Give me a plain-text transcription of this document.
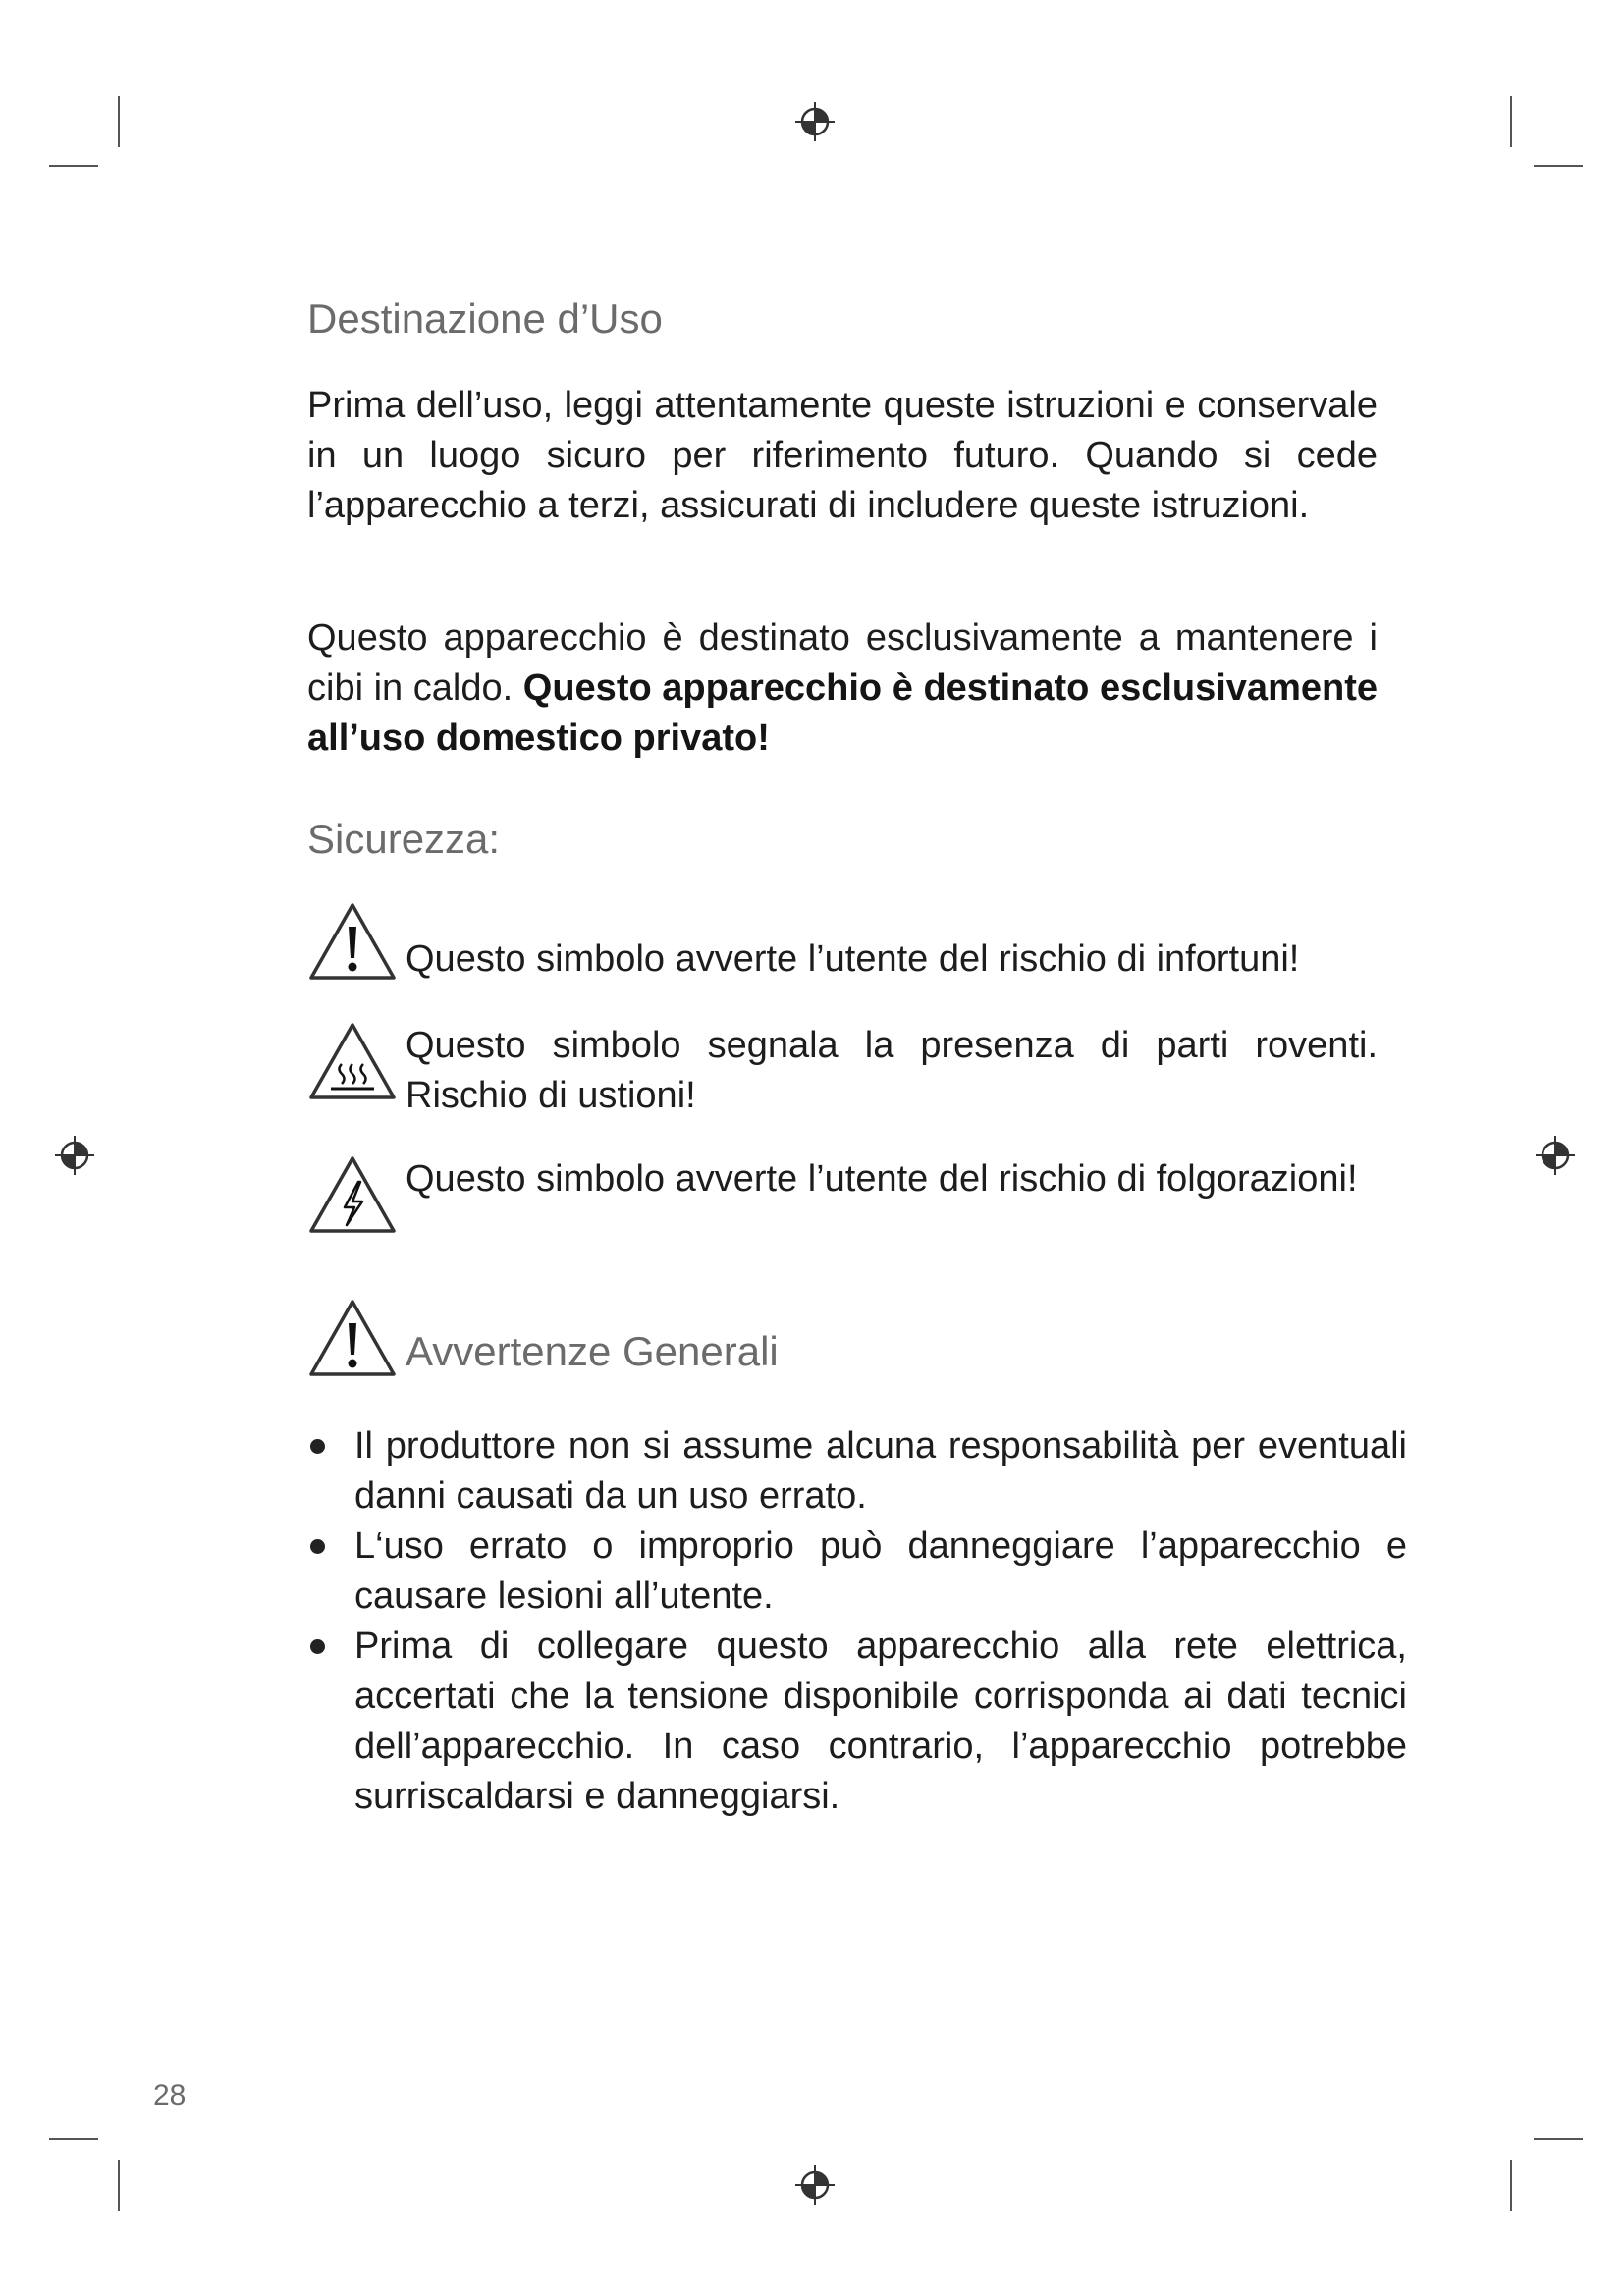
Destinazione d’Uso

Prima dell’uso, leggi attentamente queste istruzioni e conservale in un luogo sicuro per riferimento futuro. Quando si cede l’apparecchio a terzi, assicurati di includere queste istruzioni.

Questo apparecchio è destinato esclusivamente a mantenere i cibi in caldo. Questo apparecchio è destinato esclusivamente all’uso domestico privato!

Sicurezza:
Questo simbolo avverte l’utente del rischio di infortuni!
Questo simbolo segnala la presenza di parti roventi. Rischio di ustioni!
Questo simbolo avverte l’utente del rischio di folgorazioni!
Avvertenze Generali
Il produttore non si assume alcuna responsabilità per eventuali danni causati da un uso errato.
L‘uso errato o improprio può danneggiare l’apparecchio e causare lesioni all’utente.
Prima di collegare questo apparecchio alla rete elettrica, accertati che la tensione disponibile corrisponda ai dati tecnici dell’apparecchio. In caso contrario, l’apparecchio potrebbe surriscaldarsi e danneggiarsi.
28
